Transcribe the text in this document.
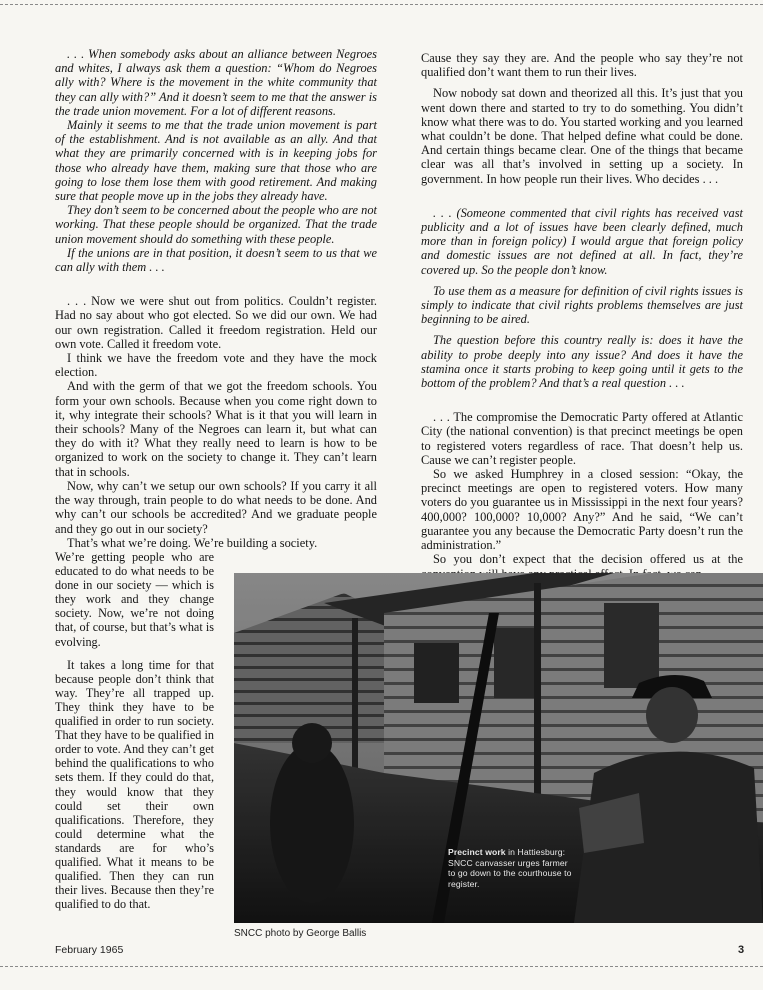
. . . When somebody asks about an alliance between Negroes and whites, I always ask them a question: “Whom do Negroes ally with? Where is the movement in the white community that they can ally with?” And it doesn’t seem to me that the answer is the trade union movement. For a lot of different reasons.

Mainly it seems to me that the trade union movement is part of the establishment. And is not available as an ally. And that what they are primarily concerned with is in keeping jobs for those who already have them, making sure that those who are going to lose them lose them with good retirement. And making sure that people move up in the jobs they already have.

They don’t seem to be concerned about the people who are not working. That these people should be organized. That the trade union movement should do something with these people.

If the unions are in that position, it doesn’t seem to us that we can ally with them . . .

. . . Now we were shut out from politics. Couldn’t register. Had no say about who got elected. So we did our own. We had our own registration. Called it freedom registration. Held our own vote. Called it freedom vote.

I think we have the freedom vote and they have the mock election.

And with the germ of that we got the freedom schools. You form your own schools. Because when you come right down to it, why integrate their schools? What is it that you will learn in their schools? Many of the Negroes can learn it, but what can they do with it? What they really need to learn is how to be organized to work on the society to change it. They can’t learn that in schools.

Now, why can’t we setup our own schools? If you carry it all the way through, train people to do what needs to be done. And why can’t our schools be accredited? And we graduate people and they go out in our society?

That’s what we’re doing. We’re building a society.

We’re getting people who are educated to do what needs to be done in our society — which is they work and they change society. Now, we’re not doing that, of course, but that’s what is evolving.

It takes a long time for that because people don’t think that way. They’re all trapped up. They think they have to be qualified in order to run society. That they have to be qualified in order to vote. And they can’t get behind the qualifications to who sets them. If they could do that, they would know that they could set their own qualifications. Therefore, they could determine what the standards are for who’s qualified. What it means to be qualified. Then they can run their lives. Because then they’re qualified to do that.

Cause they say they are. And the people who say they’re not qualified don’t want them to run their lives.

Now nobody sat down and theorized all this. It’s just that you went down there and started to try to do something. You didn’t know what there was to do. You started working and you learned what couldn’t be done. That helped define what could be done. And certain things became clear. One of the things that became clear was all that’s involved in setting up a society. In government. In how people run their lives. Who decides . . .

. . . (Someone commented that civil rights has received vast publicity and a lot of issues have been clearly defined, much more than in foreign policy) I would argue that foreign policy and domestic issues are not defined at all. In fact, they’re covered up. So the people don’t know.

To use them as a measure for definition of civil rights issues is simply to indicate that civil rights problems themselves are just beginning to be aired.

The question before this country really is: does it have the ability to probe deeply into any issue? And does it have the stamina once it starts probing to keep going until it gets to the bottom of the problem? And that’s a real question . . .

. . . The compromise the Democratic Party offered at Atlantic City (the national convention) is that precinct meetings be open to registered voters regardless of race. That doesn’t help us. Cause we can’t register people.

So we asked Humphrey in a closed session: “Okay, the precinct meetings are open to registered voters. How many voters do you guarantee us in Mississippi in the next four years? 400,000? 100,000? 10,000? Any?” And he said, “We can’t guarantee you any because the Democratic Party doesn’t run the administration.”

So you don’t expect that the decision offered us at the

Precinct work in Hattiesburg: SNCC canvasser urges farmer to go down to the courthouse to register.
SNCC photo by George Ballis
February 1965	3
